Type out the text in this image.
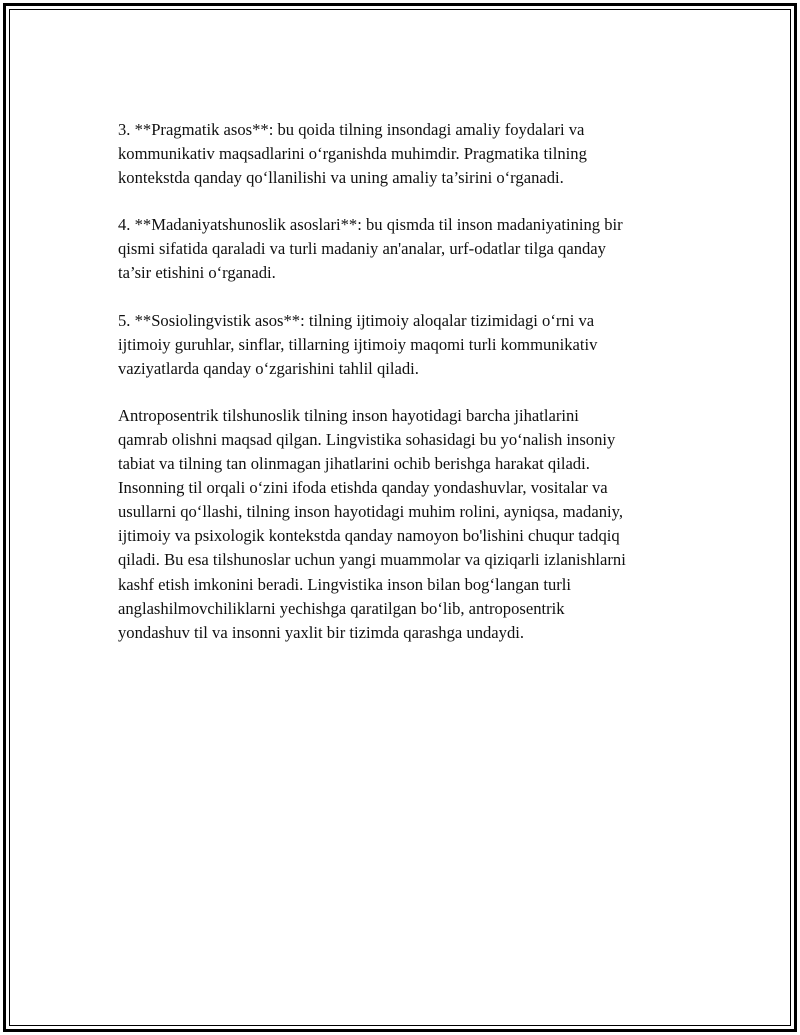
3. **Pragmatik asos**: bu qoida tilning insondagi amaliy foydalari va
kommunikativ maqsadlarini o‘rganishda muhimdir. Pragmatika tilning
kontekstda qanday qo‘llanilishi va uning amaliy ta’sirini o‘rganadi.

4. **Madaniyatshunoslik asoslari**: bu qismda til inson madaniyatining bir
qismi sifatida qaraladi va turli madaniy an'analar, urf-odatlar tilga qanday
ta’sir etishini o‘rganadi.

5. **Sosiolingvistik asos**: tilning ijtimoiy aloqalar tizimidagi o‘rni va
ijtimoiy guruhlar, sinflar, tillarning ijtimoiy maqomi turli kommunikativ
vaziyatlarda qanday o‘zgarishini tahlil qiladi.

Antroposentrik tilshunoslik tilning inson hayotidagi barcha jihatlarini
qamrab olishni maqsad qilgan. Lingvistika sohasidagi bu yo‘nalish insoniy
tabiat va tilning tan olinmagan jihatlarini ochib berishga harakat qiladi.
Insonning til orqali o‘zini ifoda etishda qanday yondashuvlar, vositalar va
usullarni qo‘llashi, tilning inson hayotidagi muhim rolini, ayniqsa, madaniy,
ijtimoiy va psixologik kontekstda qanday namoyon bo'lishini chuqur tadqiq
qiladi. Bu esa tilshunoslar uchun yangi muammolar va qiziqarli izlanishlarni
kashf etish imkonini beradi. Lingvistika inson bilan bog‘langan turli
anglashilmovchiliklarni yechishga qaratilgan bo‘lib, antroposentrik
yondashuv til va insonni yaxlit bir tizimda qarashga undaydi.
